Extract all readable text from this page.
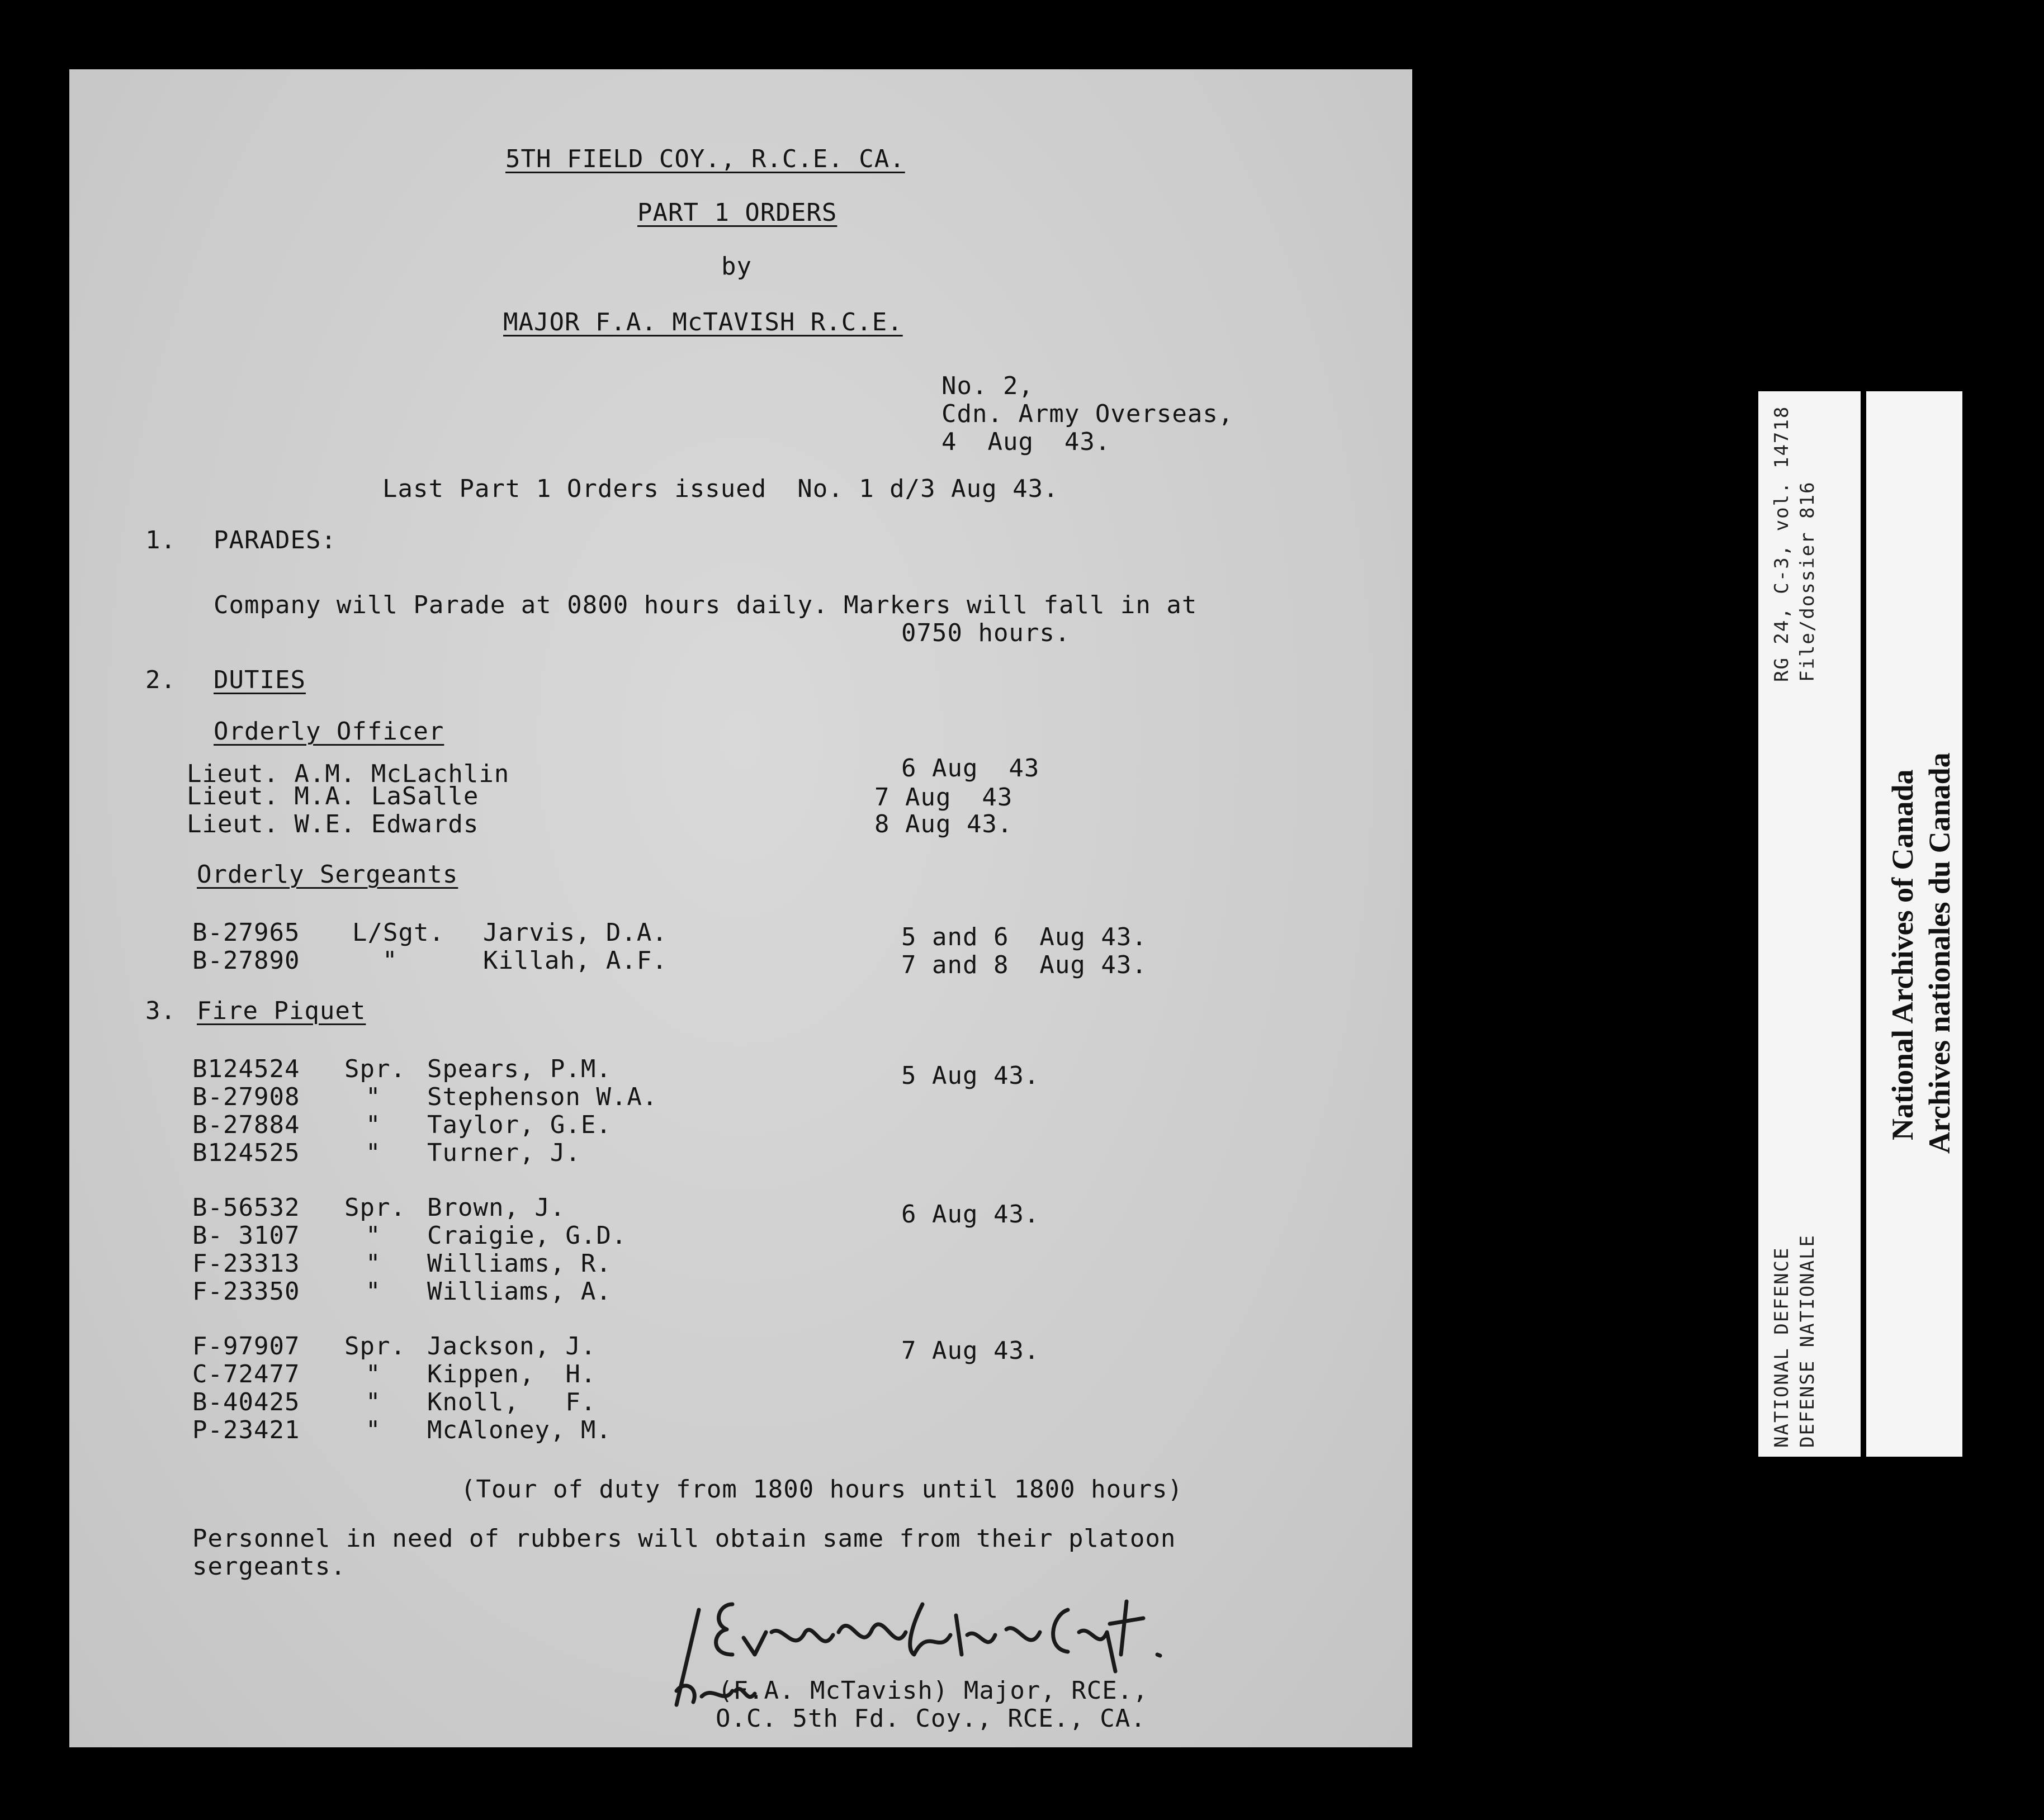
5TH FIELD COY., R.C.E. CA.
PART 1 ORDERS
by
MAJOR F.A. McTAVISH R.C.E.
No. 2,
Cdn. Army Overseas,
4  Aug  43.
Last Part 1 Orders issued  No. 1 d/3 Aug 43.
1. PARADES:
Company will Parade at 0800 hours daily. Markers will fall in at
0750 hours.
2. DUTIES
Orderly Officer
Lieut. A.M. McLachlin	6 Aug  43
Lieut. M.A. LaSalle	7 Aug  43
Lieut. W.E. Edwards	8 Aug 43.
Orderly Sergeants
B-27965 L/Sgt. Jarvis, D.A.	5 and 6  Aug 43.
B-27890	"	Killah, A.F.	7 and 8  Aug 43.
3. Fire Piquet
B124524 Spr. Spears, P.M.	5 Aug 43.
B-27908	" Stephenson W.A.
B-27884	" Taylor, G.E.
B124525	" Turner, J.
B-56532 Spr. Brown, J.	6 Aug 43.
B- 3107	" Craigie, G.D.
F-23313	" Williams, R.
F-23350	" Williams, A.
F-97907 Spr. Jackson, J.	7 Aug 43.
C-72477	" Kippen,  H.
B-40425	" Knoll,   F.
P-23421	" McAloney, M.
(Tour of duty from 1800 hours until 1800 hours)
Personnel in need of rubbers will obtain same from their platoon
sergeants.
(F.A. McTavish) Major, RCE.,
O.C. 5th Fd. Coy., RCE., CA.
Evan McMahon Capt.
RG 24, C-3, vol. 14718 File/dossier 816
NATIONAL DEFENCE DEFENSE NATIONALE
National Archives of Canada Archives nationales du Canada
